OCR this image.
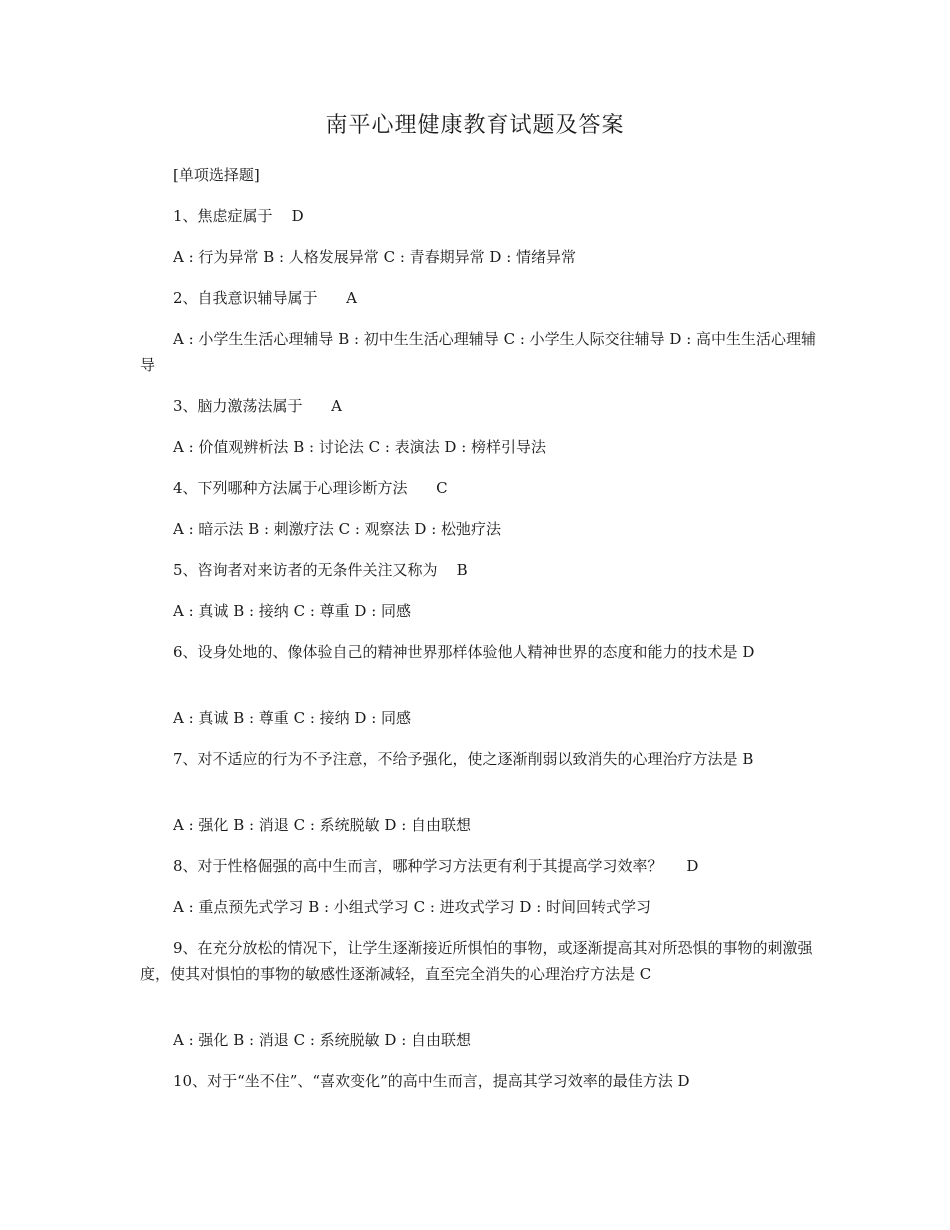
南平心理健康教育试题及答案
[单项选择题]
1、焦虑症属于    D
A : 行为异常 B : 人格发展异常 C : 青春期异常 D : 情绪异常
2、自我意识辅导属于      A
A : 小学生生活心理辅导 B : 初中生生活心理辅导 C : 小学生人际交往辅导 D : 高中生生活心理辅导
3、脑力激荡法属于      A
A : 价值观辨析法 B : 讨论法 C : 表演法 D : 榜样引导法
4、下列哪种方法属于心理诊断方法      C
A : 暗示法 B : 刺激疗法 C : 观察法 D : 松弛疗法
5、咨询者对来访者的无条件关注又称为    B
A : 真诚 B : 接纳 C : 尊重 D : 同感
6、设身处地的、像体验自己的精神世界那样体验他人精神世界的态度和能力的技术是 D
A : 真诚 B : 尊重 C : 接纳 D : 同感
7、对不适应的行为不予注意，不给予强化，使之逐渐削弱以致消失的心理治疗方法是 B
A : 强化 B : 消退 C : 系统脱敏 D : 自由联想
8、对于性格倔强的高中生而言，哪种学习方法更有利于其提高学习效率？     D
A : 重点预先式学习 B : 小组式学习 C : 进攻式学习 D : 时间回转式学习
9、在充分放松的情况下，让学生逐渐接近所惧怕的事物，或逐渐提高其对所恐惧的事物的刺激强度，使其对惧怕的事物的敏感性逐渐减轻，直至完全消失的心理治疗方法是 C
A : 强化 B : 消退 C : 系统脱敏 D : 自由联想
10、对于“坐不住”、“喜欢变化”的高中生而言，提高其学习效率的最佳方法 D
